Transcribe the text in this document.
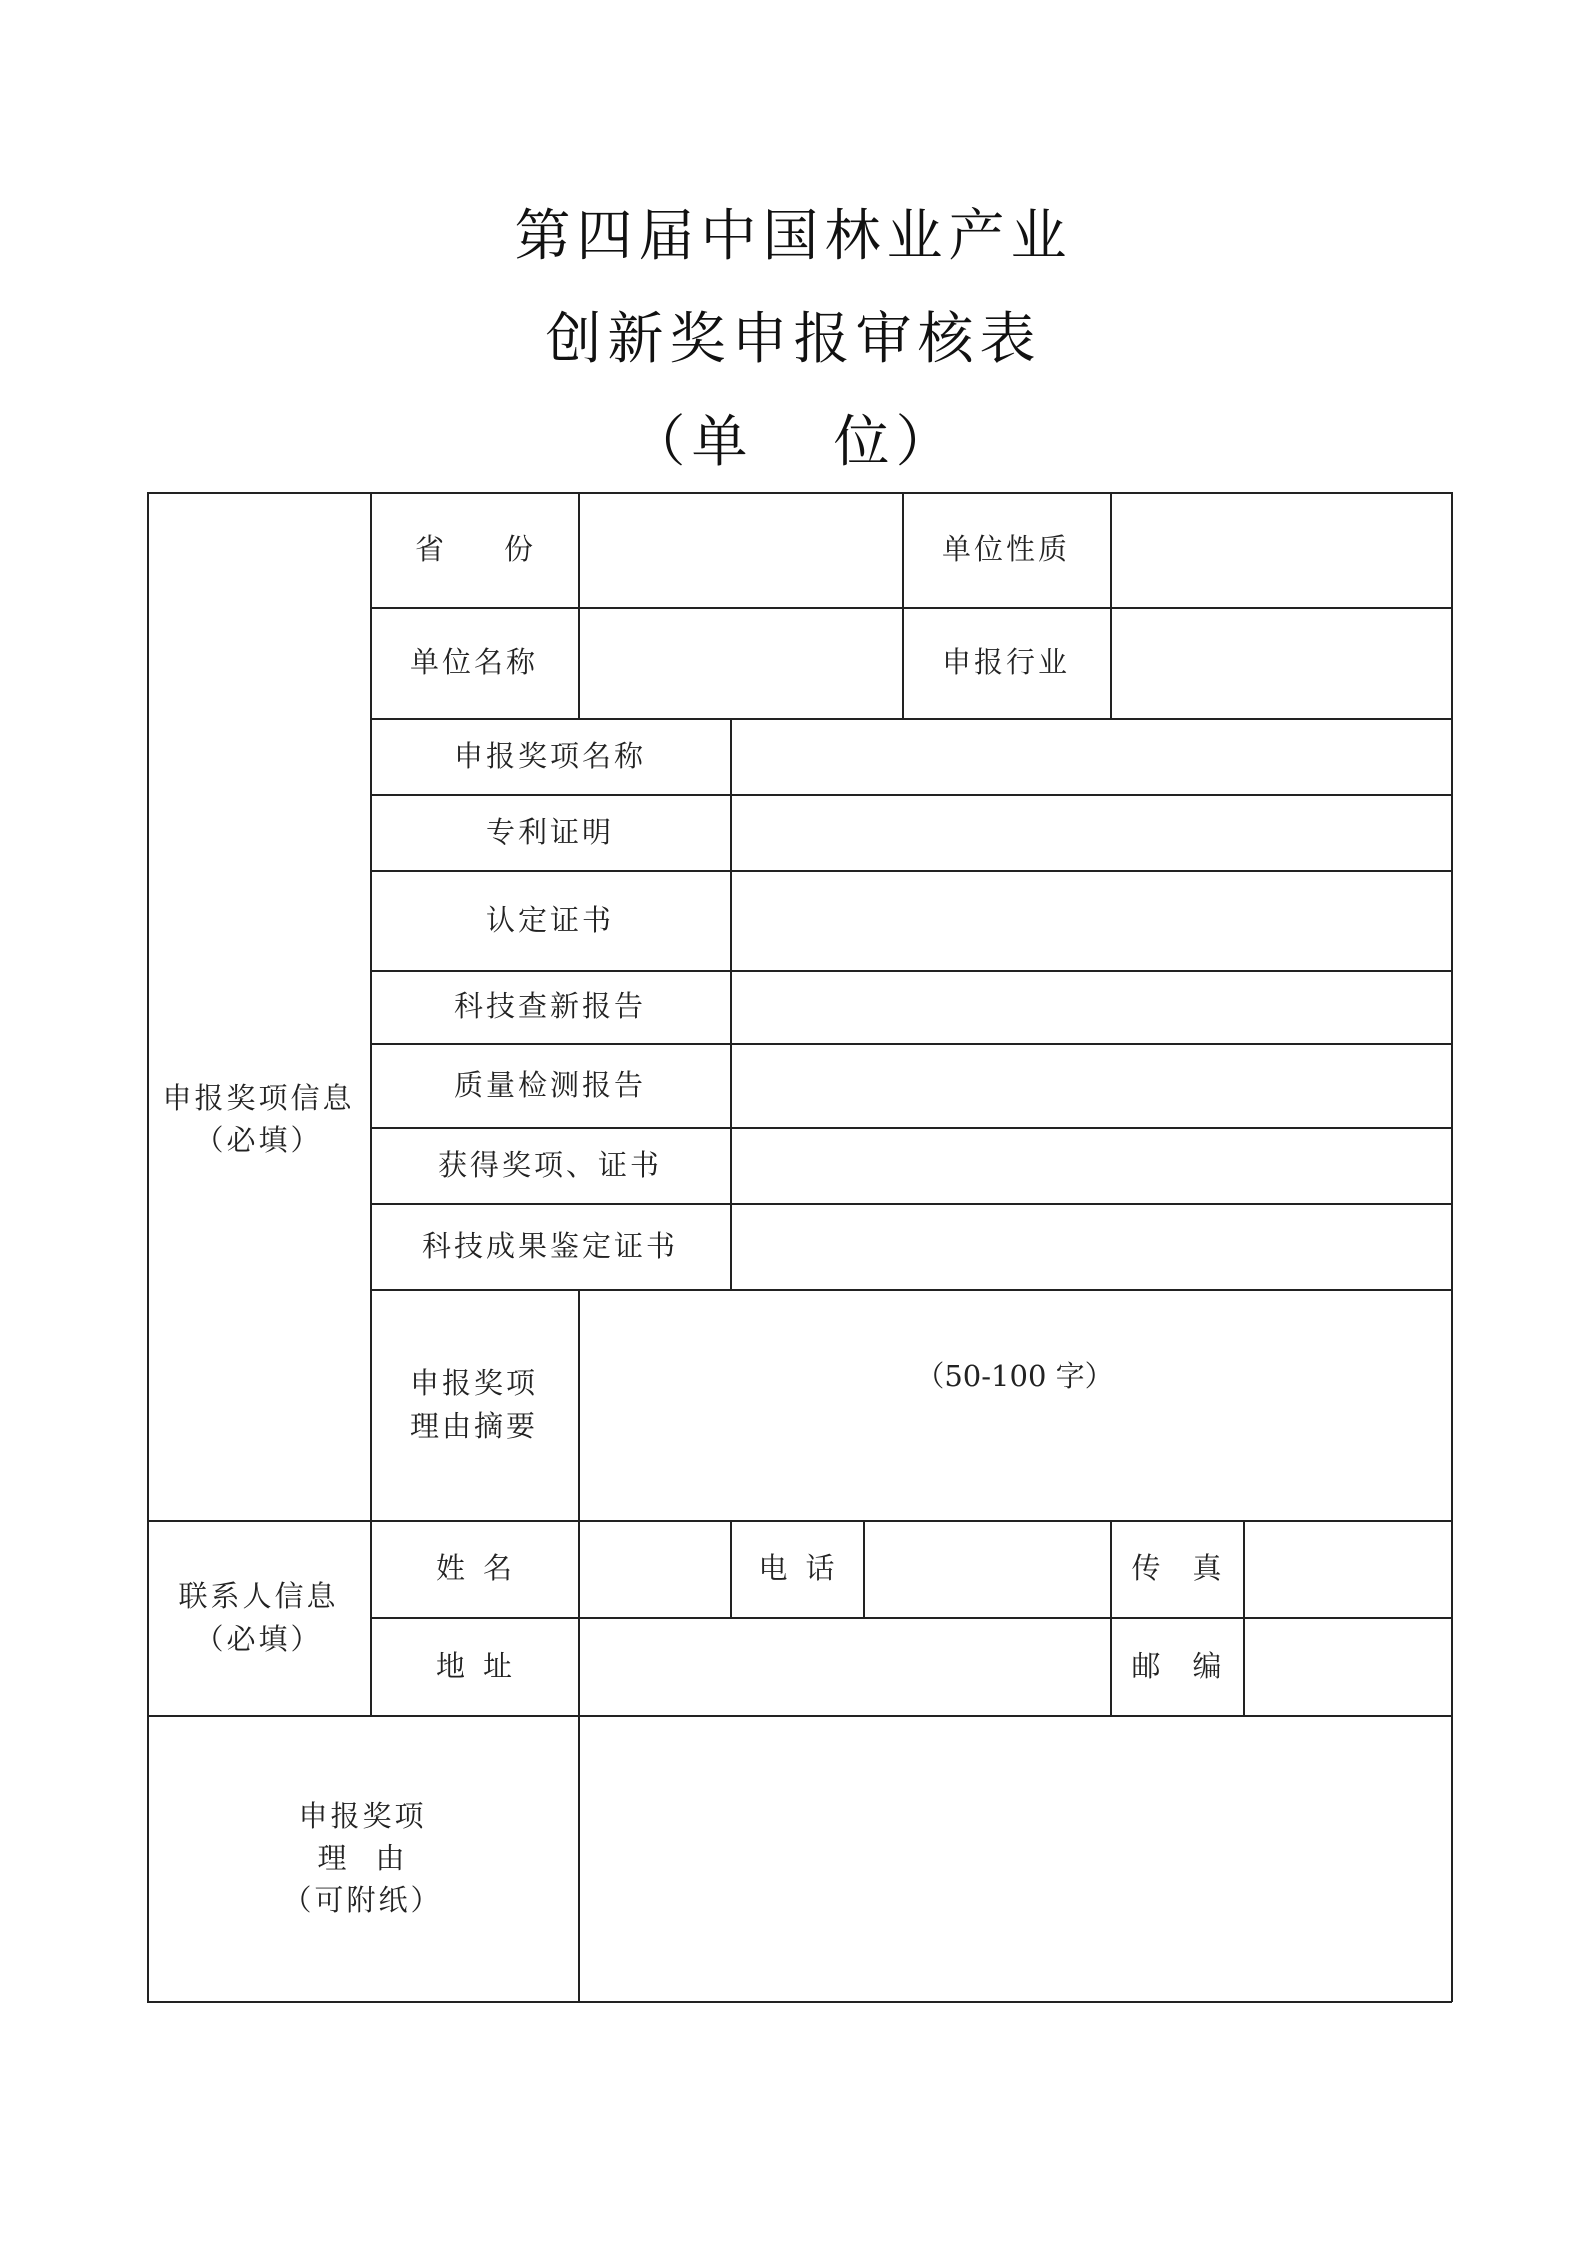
第四届中国林业产业
创新奖申报审核表
（单 位）
省 份	单位性质
单位名称	申报行业
申报奖项信息
（必填）
申报奖项名称
专利证明
认定证书
科技查新报告
质量检测报告
获得奖项、证书
科技成果鉴定证书
申报奖项
理由摘要
（50-100 字）
联系人信息
（必填）
姓 名	电 话	传 真
地 址	邮 编
申报奖项
理 由
（可附纸）
